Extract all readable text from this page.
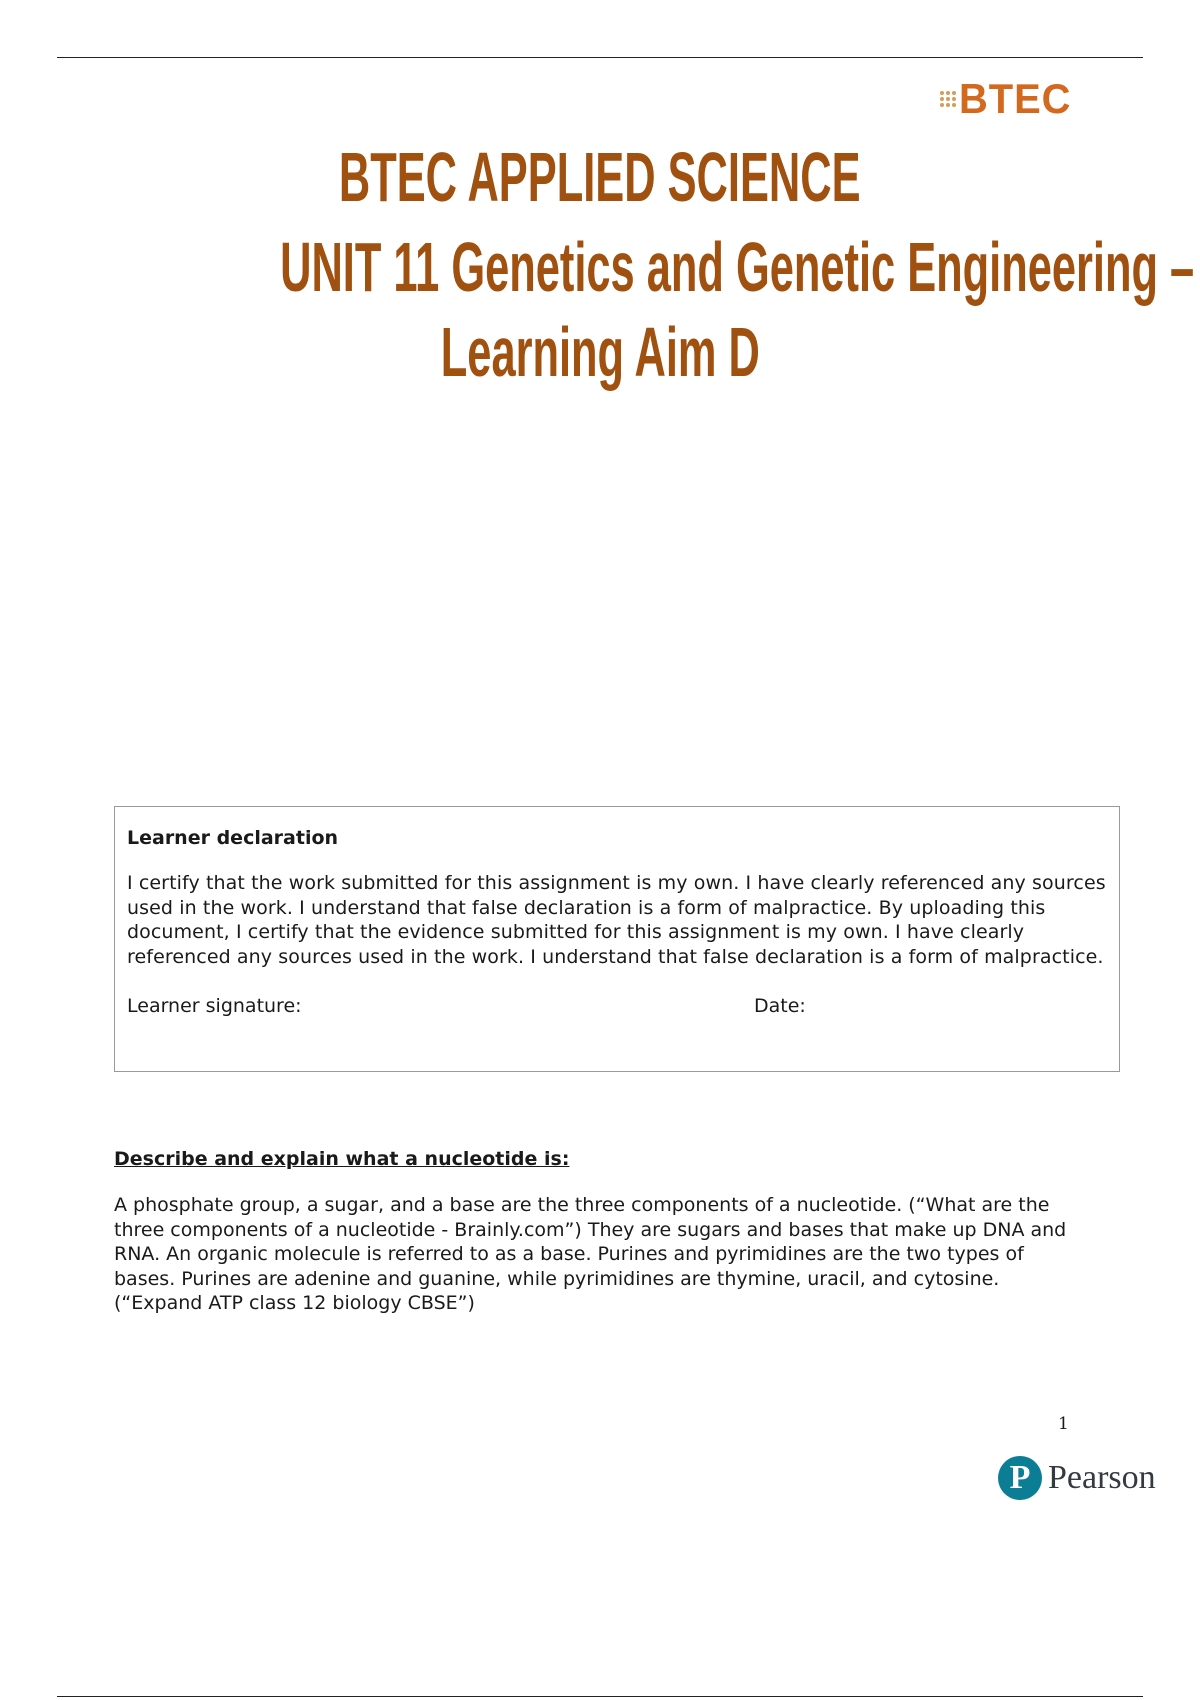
BTEC
BTEC APPLIED SCIENCE
UNIT 11 Genetics and Genetic Engineering –
Learning Aim D

Learner declaration

I certify that the work submitted for this assignment is my own. I have clearly referenced any sources used in the work. I understand that false declaration is a form of malpractice. By uploading this document, I certify that the evidence submitted for this assignment is my own. I have clearly referenced any sources used in the work. I understand that false declaration is a form of malpractice.

Learner signature:	Date:
Describe and explain what a nucleotide is:

A phosphate group, a sugar, and a base are the three components of a nucleotide. (“What are the three components of a nucleotide - Brainly.com”) They are sugars and bases that make up DNA and RNA. An organic molecule is referred to as a base. Purines and pyrimidines are the two types of bases. Purines are adenine and guanine, while pyrimidines are thymine, uracil, and cytosine. (“Expand ATP class 12 biology CBSE”)

1
P Pearson
